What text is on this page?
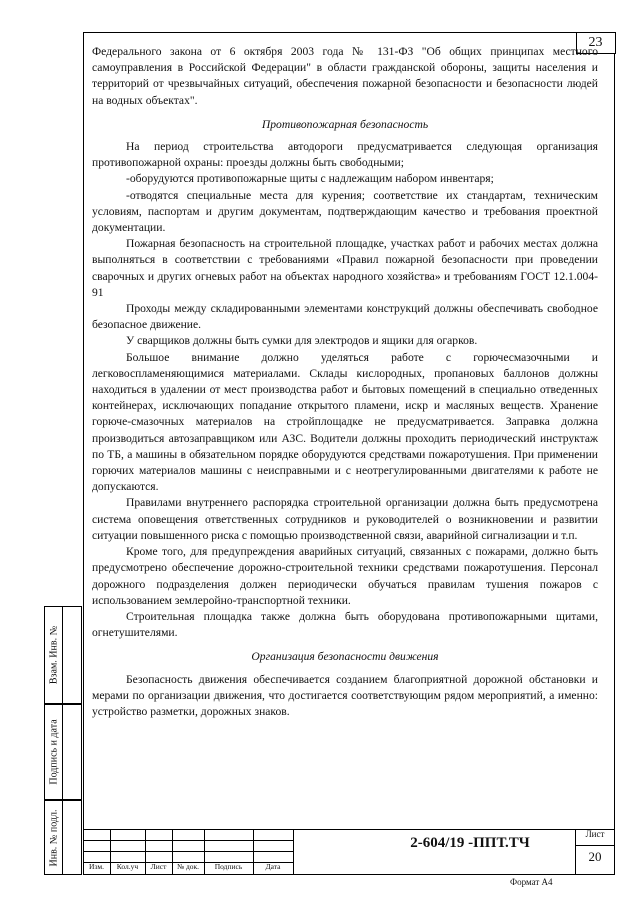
23

Федерального закона от 6 октября 2003 года № 131-ФЗ "Об общих принципах местного самоуправления в Российской Федерации" в области гражданской обороны, защиты населения и территорий от чрезвычайных ситуаций, обеспечения пожарной безопасности и безопасности людей на водных объектах".

Противопожарная безопасность

На период строительства автодороги предусматривается следующая организация противопожарной охраны: проезды должны быть свободными;

-оборудуются противопожарные щиты с надлежащим набором инвентаря;

-отводятся специальные места для курения; соответствие их стандартам, техническим условиям, паспортам и другим документам, подтверждающим качество и требования проектной документации.

Пожарная безопасность на строительной площадке, участках работ и рабочих местах должна выполняться в соответствии с требованиями «Правил пожарной безопасности при проведении сварочных и других огневых работ на объектах народного хозяйства» и требованиям ГОСТ 12.1.004-91

Проходы между складированными элементами конструкций должны обеспечивать свободное безопасное движение.

У сварщиков должны быть сумки для электродов и ящики для огарков.

Большое внимание должно уделяться работе с горючесмазочными и легковоспламеняющимися материалами. Склады кислородных, пропановых баллонов должны находиться в удалении от мест производства работ и бытовых помещений в специально отведенных контейнерах, исключающих попадание открытого пламени, искр и масляных веществ. Хранение горюче-смазочных материалов на стройплощадке не предусматривается. Заправка должна производиться автозаправщиком или АЗС. Водители должны проходить периодический инструктаж по ТБ, а машины в обязательном порядке оборудуются средствами пожаротушения. При применении горючих материалов машины с неисправными и с неотрегулированными двигателями к работе не допускаются.

Правилами внутреннего распорядка строительной организации должна быть предусмотрена система оповещения ответственных сотрудников и руководителей о возникновении и развитии ситуации повышенного риска с помощью производственной связи, аварийной сигнализации и т.п.

Кроме того, для предупреждения аварийных ситуаций, связанных с пожарами, должно быть предусмотрено обеспечение дорожно-строительной техники средствами пожаротушения. Персонал дорожного подразделения должен периодически обучаться правилам тушения пожаров с использованием землеройно-транспортной техники.

Строительная площадка также должна быть оборудована противопожарными щитами, огнетушителями.

Организация безопасности движения

Безопасность движения обеспечивается созданием благоприятной дорожной обстановки и мерами по организации движения, что достигается соответствующим рядом мероприятий, а именно: устройство разметки, дорожных знаков.

Взам. Инв. №
Подпись и дата
Инв. № подл.
Изм.	Кол.уч	Лист	№ док.	Подпись	Дата
2-604/19 -ППТ.ТЧ
Лист
20
Формат А4
